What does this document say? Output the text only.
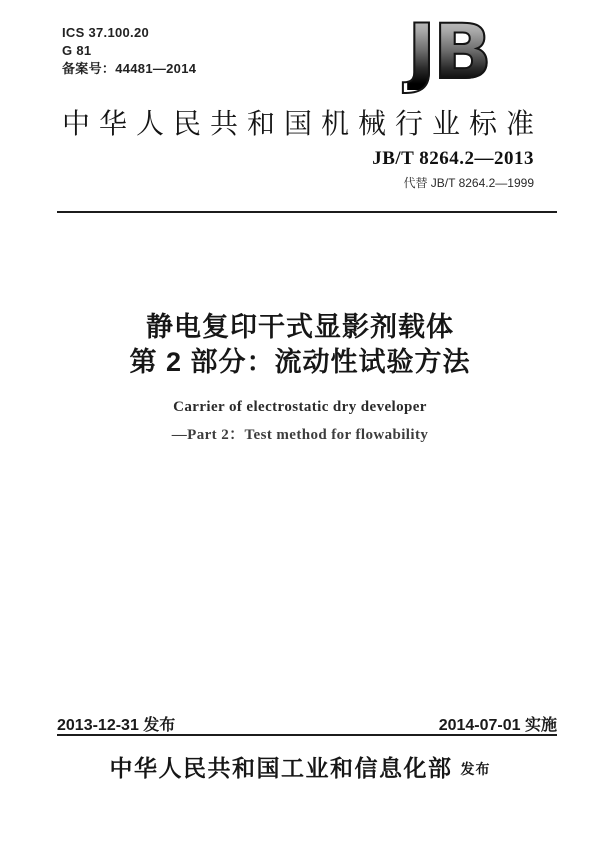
ICS 37.100.20
G 81
备案号：44481—2014	JB
中华人民共和国机械行业标准
JB/T 8264.2—2013
代替 JB/T 8264.2—1999
静电复印干式显影剂载体
第 2 部分：流动性试验方法
Carrier of electrostatic dry developer
—Part 2：Test method for flowability
2013-12-31 发布	2014-07-01 实施
中华人民共和国工业和信息化部 发布
